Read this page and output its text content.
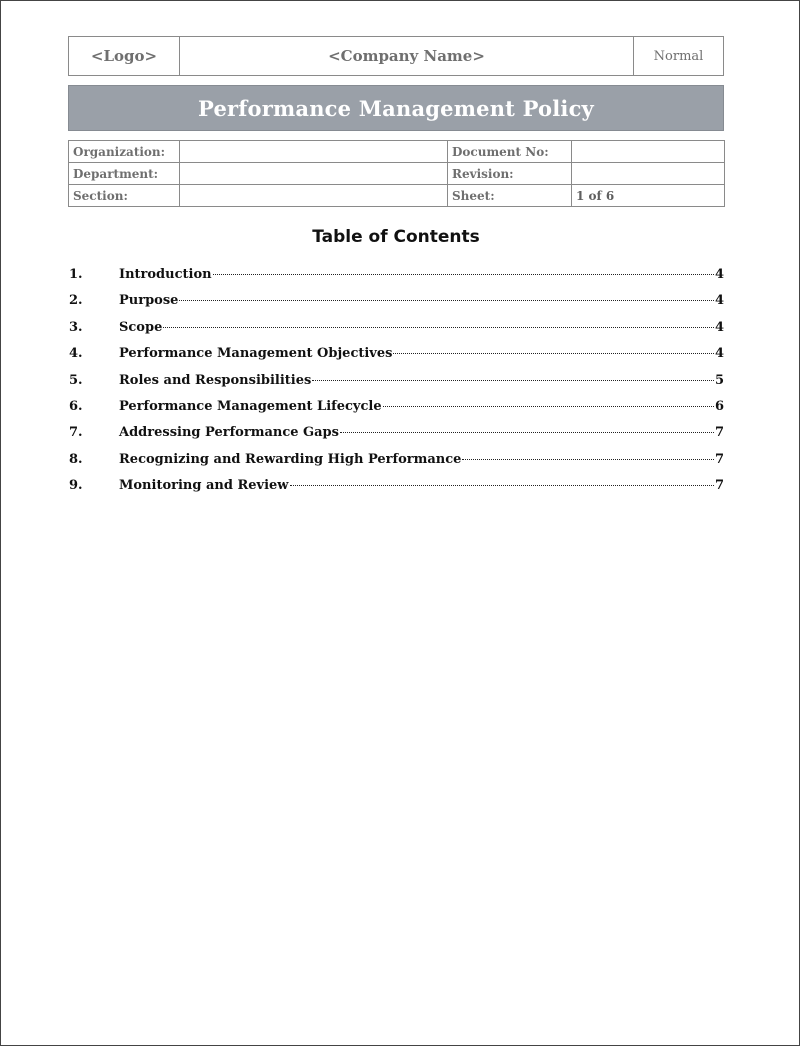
<Logo>	<Company Name>	Normal
Performance Management Policy
Organization:		Document No:	
Department:		Revision:	
Section:		Sheet:	1 of 6
Table of Contents
1.	Introduction	4
2.	Purpose	4
3.	Scope	4
4.	Performance Management Objectives	4
5.	Roles and Responsibilities	5
6.	Performance Management Lifecycle	6
7.	Addressing Performance Gaps	7
8.	Recognizing and Rewarding High Performance	7
9.	Monitoring and Review	7
